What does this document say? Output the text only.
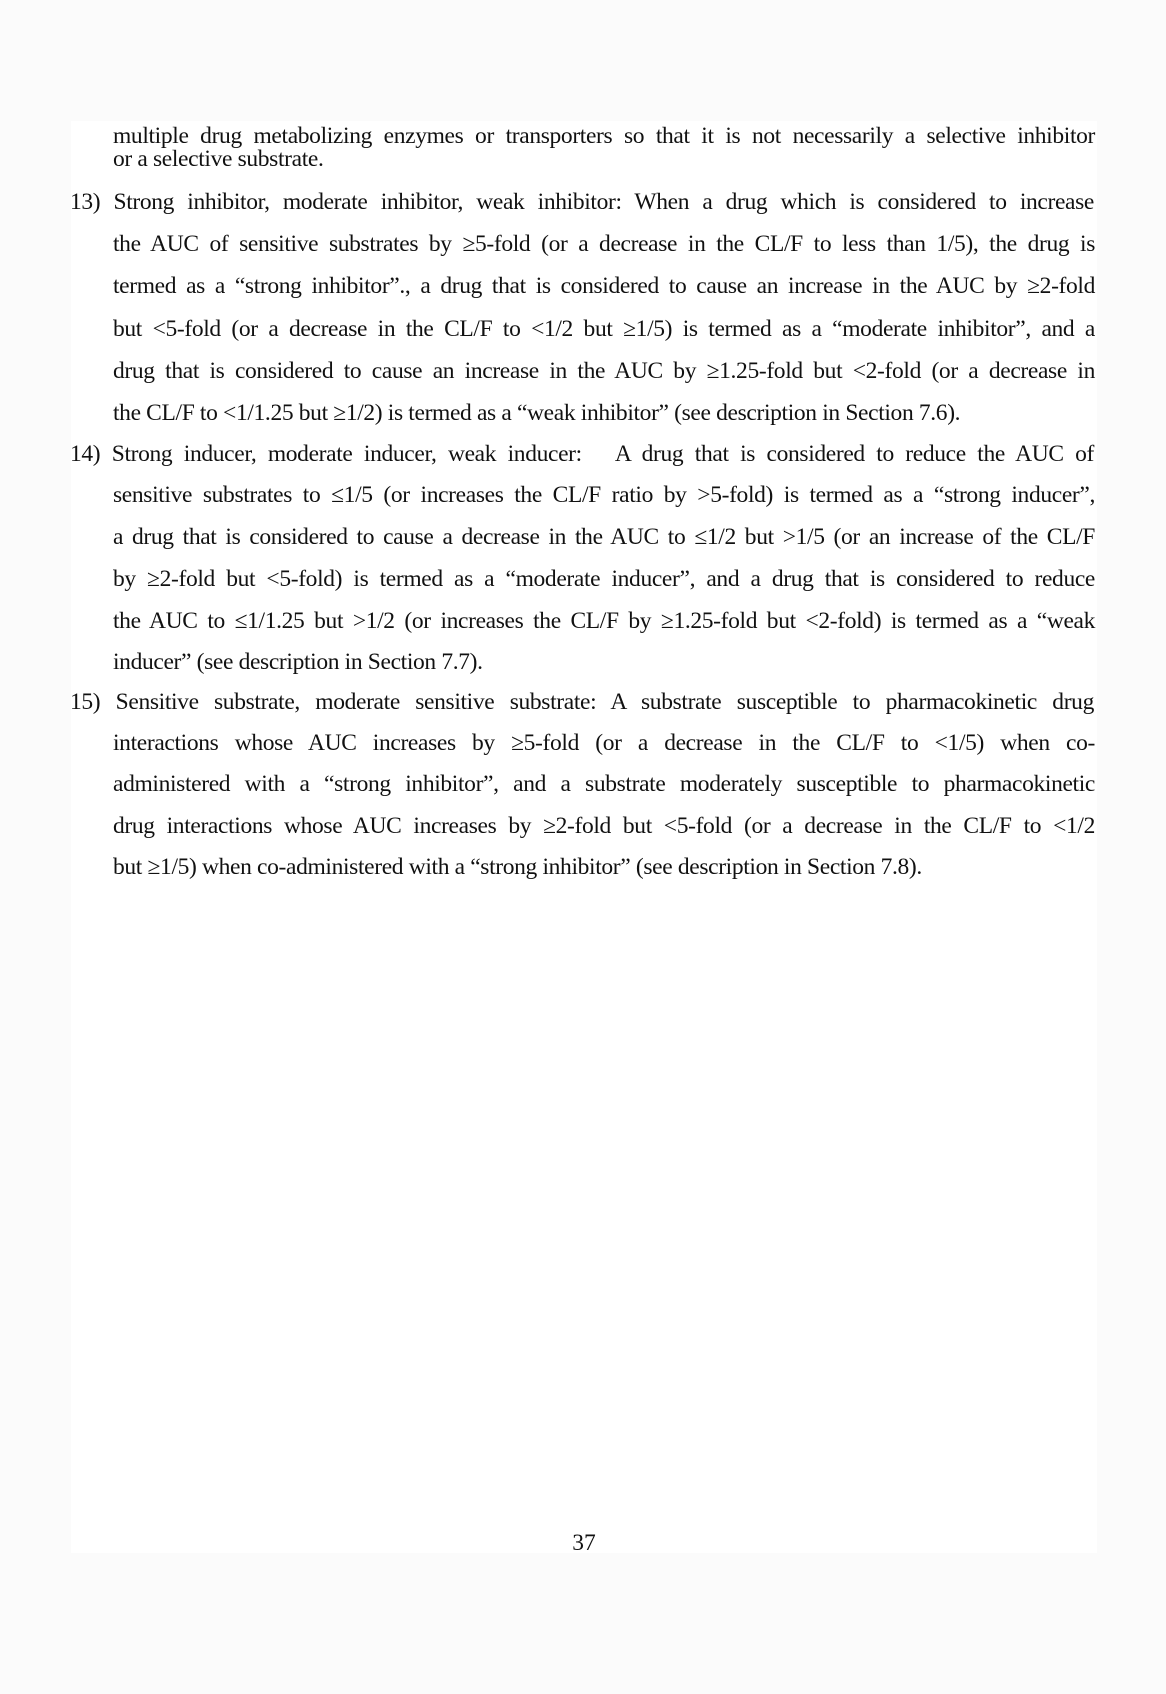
multiple drug metabolizing enzymes or transporters so that it is not necessarily a selective inhibitor
or a selective substrate.
13) Strong inhibitor, moderate inhibitor, weak inhibitor: When a drug which is considered to increase
the AUC of sensitive substrates by ≥5-fold (or a decrease in the CL/F to less than 1/5), the drug is
termed as a “strong inhibitor”., a drug that is considered to cause an increase in the AUC by ≥2-fold
but <5-fold (or a decrease in the CL/F to <1/2 but ≥1/5) is termed as a “moderate inhibitor”, and a
drug that is considered to cause an increase in the AUC by ≥1.25-fold but <2-fold (or a decrease in
the CL/F to <1/1.25 but ≥1/2) is termed as a “weak inhibitor” (see description in Section 7.6).
14) Strong inducer, moderate inducer, weak inducer:   A drug that is considered to reduce the AUC of
sensitive substrates to ≤1/5 (or increases the CL/F ratio by >5-fold) is termed as a “strong inducer”,
a drug that is considered to cause a decrease in the AUC to ≤1/2 but >1/5 (or an increase of the CL/F
by ≥2-fold but <5-fold) is termed as a “moderate inducer”, and a drug that is considered to reduce
the AUC to ≤1/1.25 but >1/2 (or increases the CL/F by ≥1.25-fold but <2-fold) is termed as a “weak
inducer” (see description in Section 7.7).
15) Sensitive substrate, moderate sensitive substrate: A substrate susceptible to pharmacokinetic drug
interactions whose AUC increases by ≥5-fold (or a decrease in the CL/F to <1/5) when co-
administered with a “strong inhibitor”, and a substrate moderately susceptible to pharmacokinetic
drug interactions whose AUC increases by ≥2-fold but <5-fold (or a decrease in the CL/F to <1/2
but ≥1/5) when co-administered with a “strong inhibitor” (see description in Section 7.8).
37
